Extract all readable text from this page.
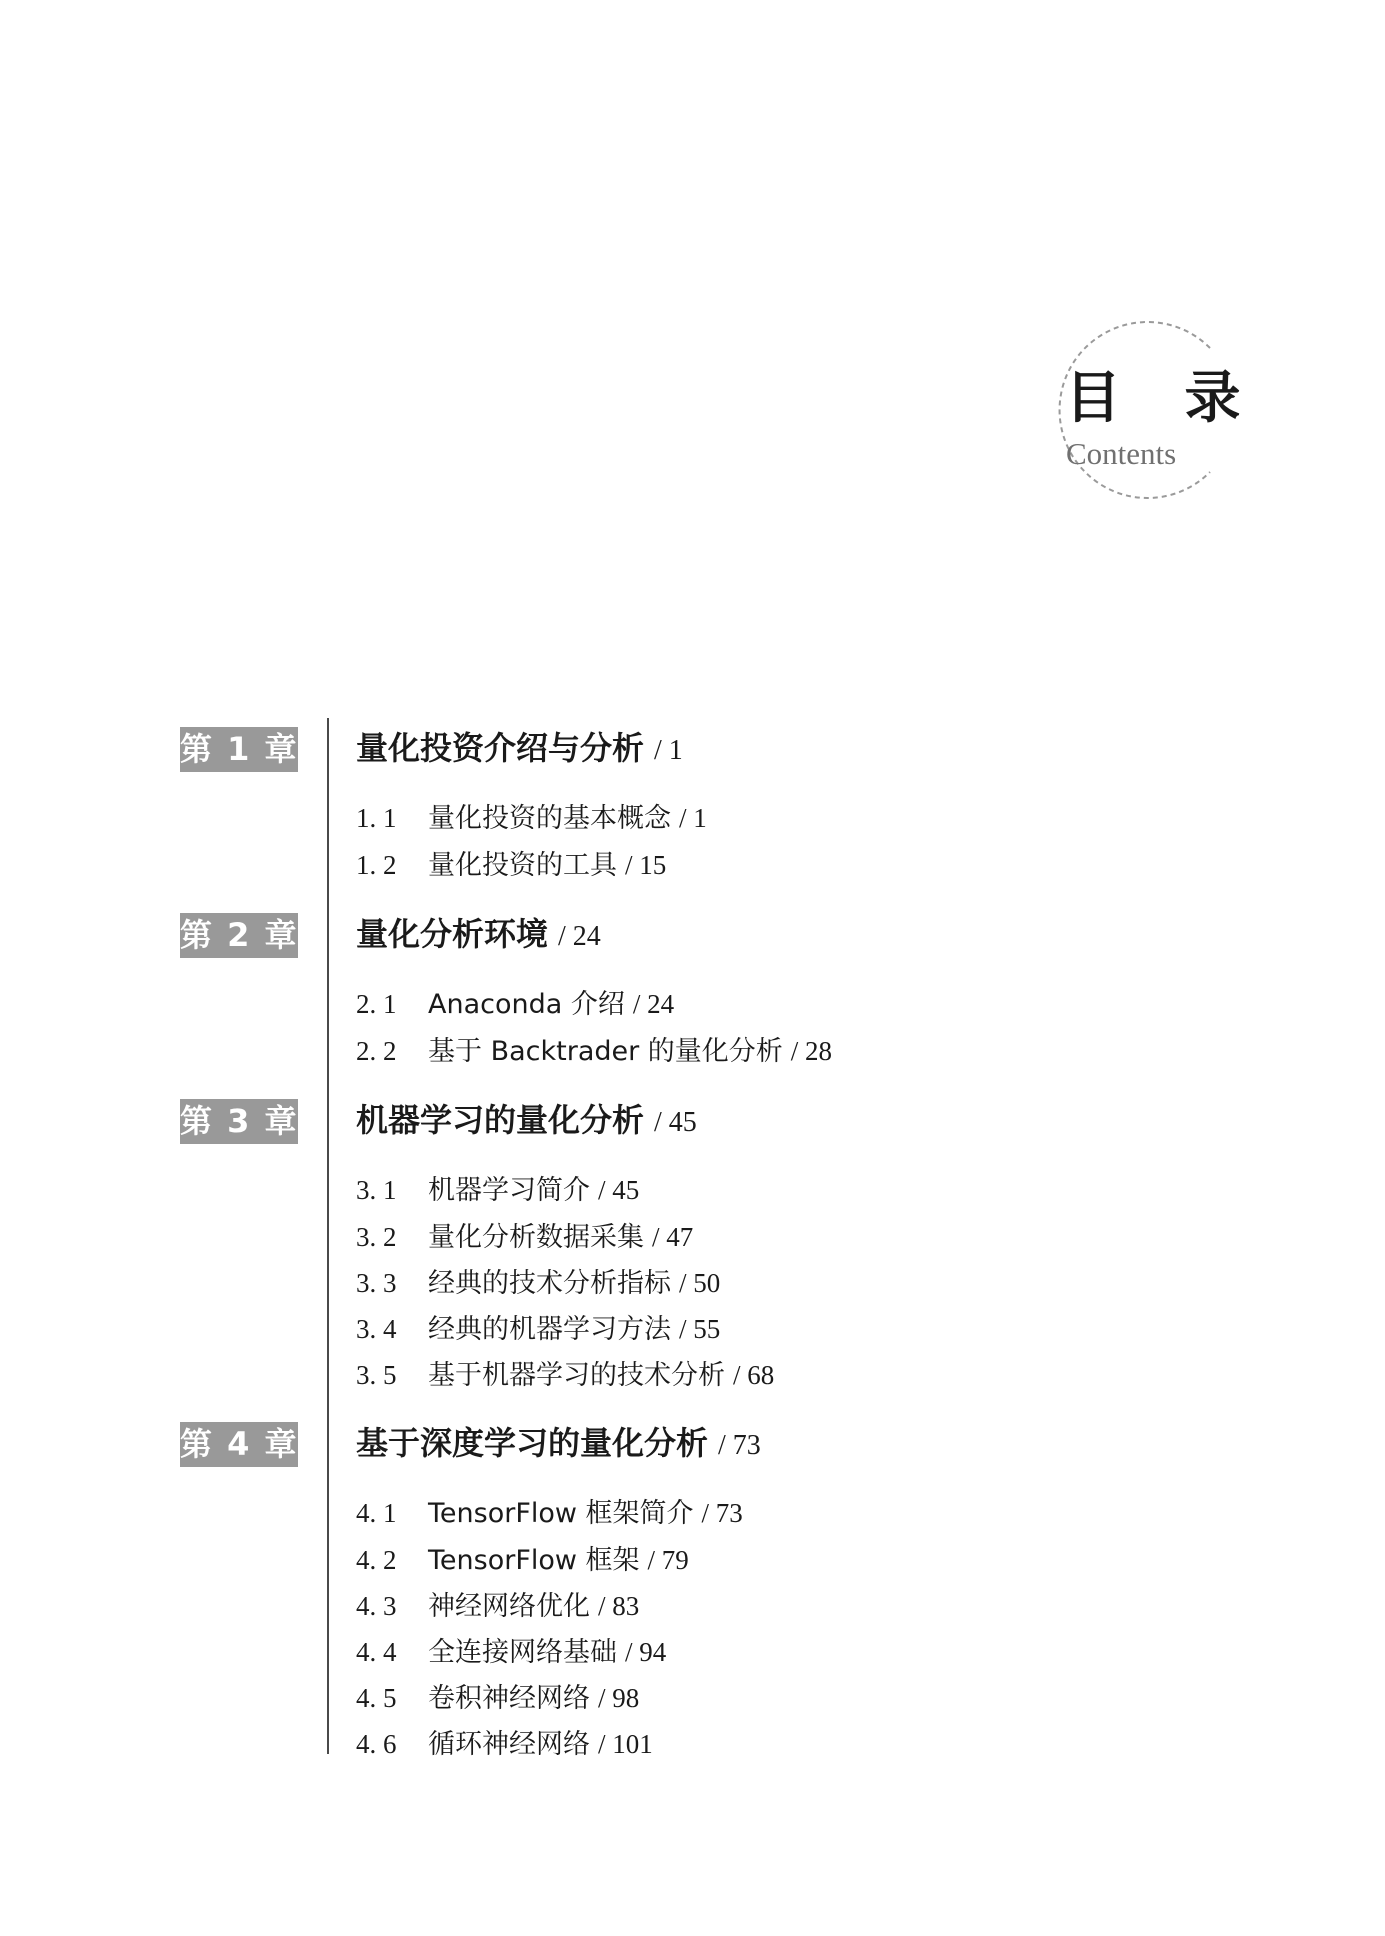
目 录
Contents
第 1 章 量化投资介绍与分析 / 1
1. 1 量化投资的基本概念 / 1
1. 2 量化投资的工具 / 15
第 2 章 量化分析环境 / 24
2. 1 Anaconda 介绍 / 24
2. 2 基于 Backtrader 的量化分析 / 28
第 3 章 机器学习的量化分析 / 45
3. 1 机器学习简介 / 45
3. 2 量化分析数据采集 / 47
3. 3 经典的技术分析指标 / 50
3. 4 经典的机器学习方法 / 55
3. 5 基于机器学习的技术分析 / 68
第 4 章 基于深度学习的量化分析 / 73
4. 1 TensorFlow 框架简介 / 73
4. 2 TensorFlow 框架 / 79
4. 3 神经网络优化 / 83
4. 4 全连接网络基础 / 94
4. 5 卷积神经网络 / 98
4. 6 循环神经网络 / 101
